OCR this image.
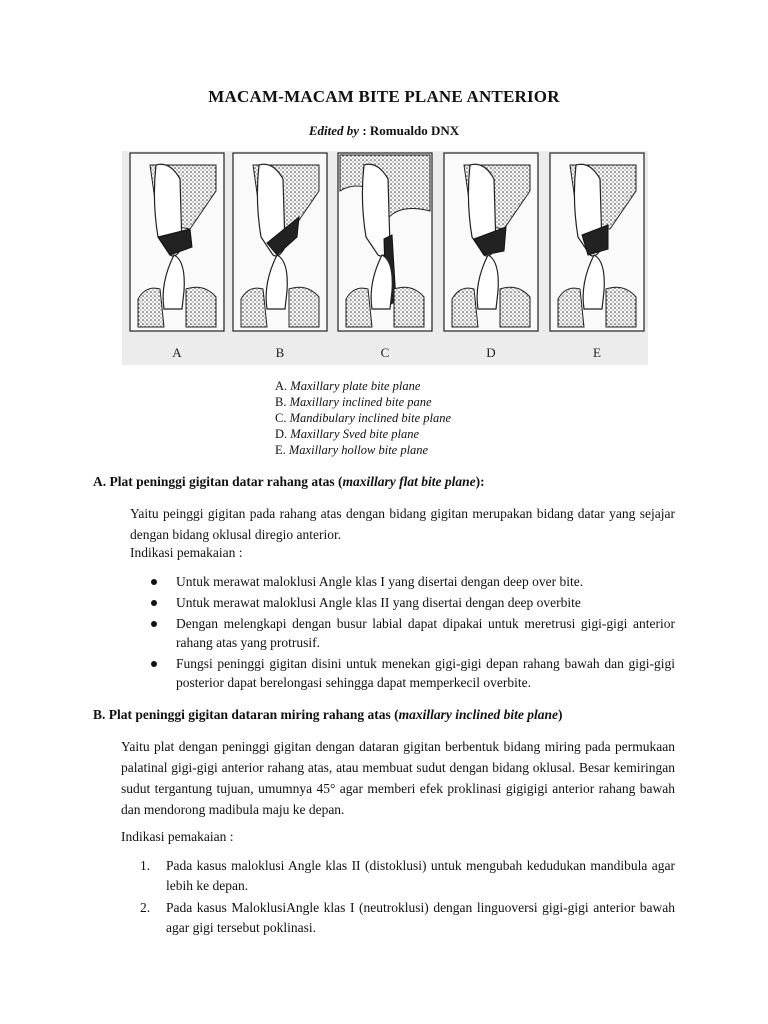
MACAM-MACAM BITE PLANE ANTERIOR
Edited by : Romualdo DNX
A	B	C	D	E
A. Maxillary plate bite plane
B. Maxillary inclined bite pane
C. Mandibulary inclined bite plane
D. Maxillary Sved bite plane
E. Maxillary hollow bite plane
A. Plat peninggi gigitan datar rahang atas (maxillary flat bite plane):
Yaitu peinggi gigitan pada rahang atas dengan bidang gigitan merupakan bidang datar yang sejajar dengan bidang oklusal diregio anterior.
Indikasi pemakaian :
Untuk merawat maloklusi Angle klas I yang disertai dengan deep over bite.
Untuk merawat maloklusi Angle klas II yang disertai dengan deep overbite
Dengan melengkapi dengan busur labial dapat dipakai untuk meretrusi gigi-gigi anterior rahang atas yang protrusif.
Fungsi peninggi gigitan disini untuk menekan gigi-gigi depan rahang bawah dan gigi-gigi posterior dapat berelongasi sehingga dapat memperkecil overbite.
B. Plat peninggi gigitan dataran miring rahang atas (maxillary inclined bite plane)
Yaitu plat dengan peninggi gigitan dengan dataran gigitan berbentuk bidang miring pada permukaan palatinal gigi-gigi anterior rahang atas, atau membuat sudut dengan bidang oklusal. Besar kemiringan sudut tergantung tujuan, umumnya 45° agar memberi efek proklinasi gigigigi anterior rahang bawah dan mendorong madibula maju ke depan.
Indikasi pemakaian :
1. Pada kasus maloklusi Angle klas II (distoklusi) untuk mengubah kedudukan mandibula agar lebih ke depan.
2. Pada kasus MaloklusiAngle klas I (neutroklusi) dengan linguoversi gigi-gigi anterior bawah agar gigi tersebut poklinasi.
